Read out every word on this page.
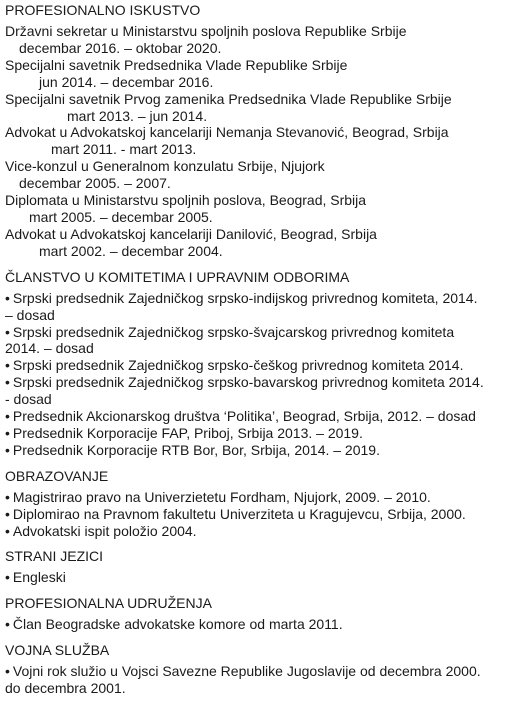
PROFESIONALNO ISKUSTVO

Državni sekretar u Ministarstvu spoljnih poslova Republike Srbije

decembar 2016. – oktobar 2020.

Specijalni savetnik Predsednika Vlade Republike Srbije

jun 2014. – decembar 2016.

Specijalni savetnik Prvog zamenika Predsednika Vlade Republike Srbije

mart 2013. – jun 2014.

Advokat u Advokatskoj kancelariji Nemanja Stevanović, Beograd, Srbija

mart 2011. - mart 2013.

Vice-konzul u Generalnom konzulatu Srbije, Njujork

decembar 2005. – 2007.

Diplomata u Ministarstvu spoljnih poslova, Beograd, Srbija

mart 2005. – decembar 2005.

Advokat u Advokatskoj kancelariji Danilović, Beograd, Srbija

mart 2002. – decembar 2004.

ČLANSTVO U KOMITETIMA I UPRAVNIM ODBORIMA

• Srpski predsednik Zajedničkog srpsko-indijskog privrednog komiteta, 2014.

– dosad

• Srpski predsednik Zajedničkog srpsko-švajcarskog privrednog komiteta

2014. – dosad

• Srpski predsednik Zajedničkog srpsko-češkog privrednog komiteta 2014.

• Srpski predsednik Zajedničkog srpsko-bavarskog privrednog komiteta 2014.

- dosad

• Predsednik Akcionarskog društva ‘Politika’, Beograd, Srbija, 2012. – dosad

• Predsednik Korporacije FAP, Priboj, Srbija 2013. – 2019.

• Predsednik Korporacije RTB Bor, Bor, Srbija, 2014. – 2019.

OBRAZOVANJE

• Magistrirao pravo na Univerzietetu Fordham, Njujork, 2009. – 2010.

• Diplomirao na Pravnom fakultetu Univerziteta u Kragujevcu, Srbija, 2000.

• Advokatski ispit položio 2004.

STRANI JEZICI

• Engleski

PROFESIONALNA UDRUŽENJA

• Član Beogradske advokatske komore od marta 2011.

VOJNA SLUŽBA

• Vojni rok služio u Vojsci Savezne Republike Jugoslavije od decembra 2000.

do decembra 2001.
